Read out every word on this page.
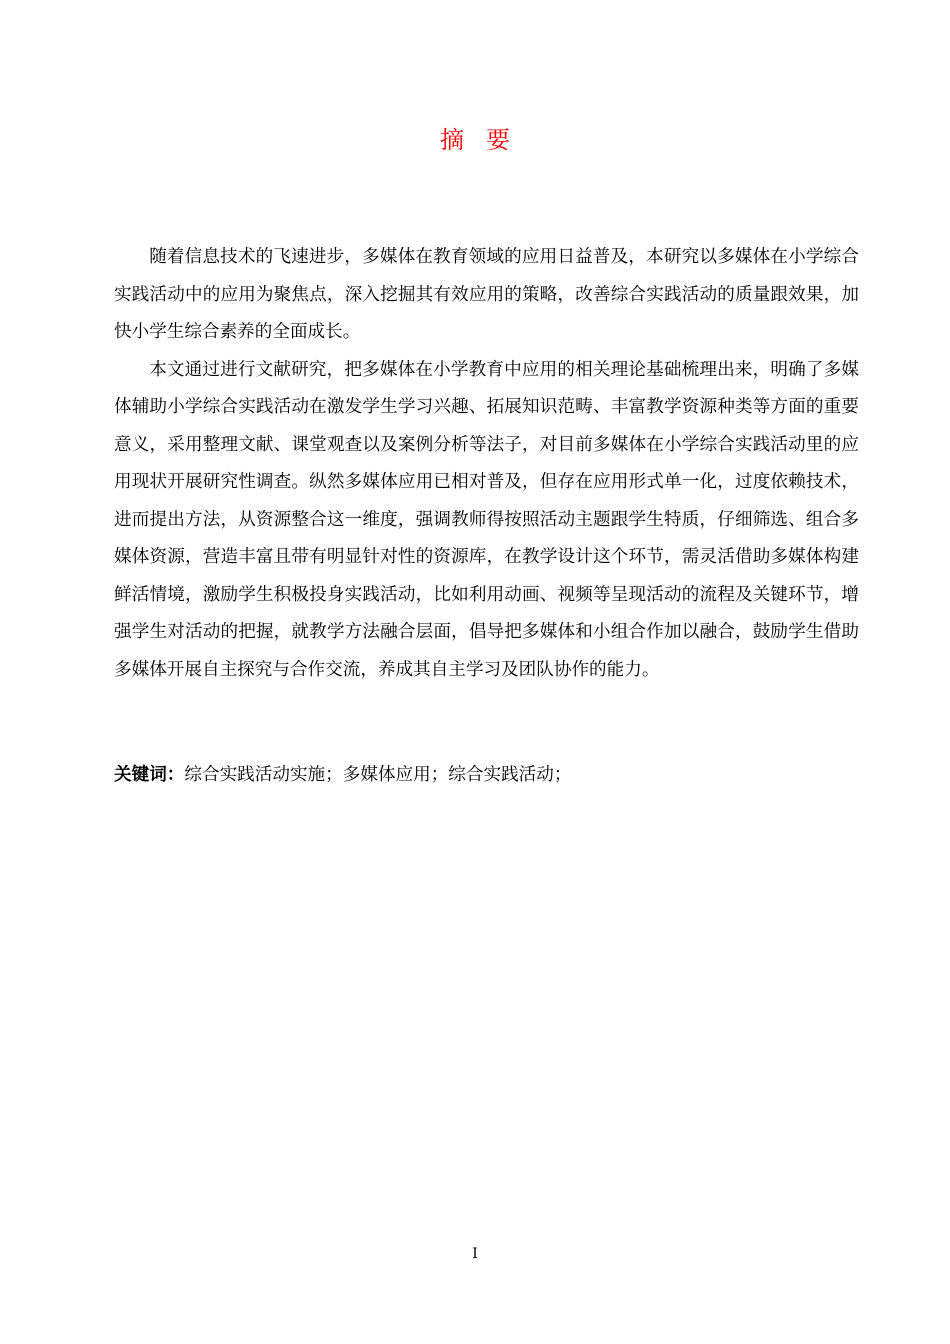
摘要

随着信息技术的飞速进步，多媒体在教育领域的应用日益普及，本研究以多媒体在小学综合实践活动中的应用为聚焦点，深入挖掘其有效应用的策略，改善综合实践活动的质量跟效果，加快小学生综合素养的全面成长。

本文通过进行文献研究，把多媒体在小学教育中应用的相关理论基础梳理出来，明确了多媒体辅助小学综合实践活动在激发学生学习兴趣、拓展知识范畴、丰富教学资源种类等方面的重要意义，采用整理文献、课堂观查以及案例分析等法子，对目前多媒体在小学综合实践活动里的应用现状开展研究性调查。纵然多媒体应用已相对普及，但存在应用形式单一化，过度依赖技术，进而提出方法，从资源整合这一维度，强调教师得按照活动主题跟学生特质，仔细筛选、组合多媒体资源，营造丰富且带有明显针对性的资源库，在教学设计这个环节，需灵活借助多媒体构建鲜活情境，激励学生积极投身实践活动，比如利用动画、视频等呈现活动的流程及关键环节，增强学生对活动的把握，就教学方法融合层面，倡导把多媒体和小组合作加以融合，鼓励学生借助多媒体开展自主探究与合作交流，养成其自主学习及团队协作的能力。

关键词：综合实践活动实施；多媒体应用；综合实践活动；
I
